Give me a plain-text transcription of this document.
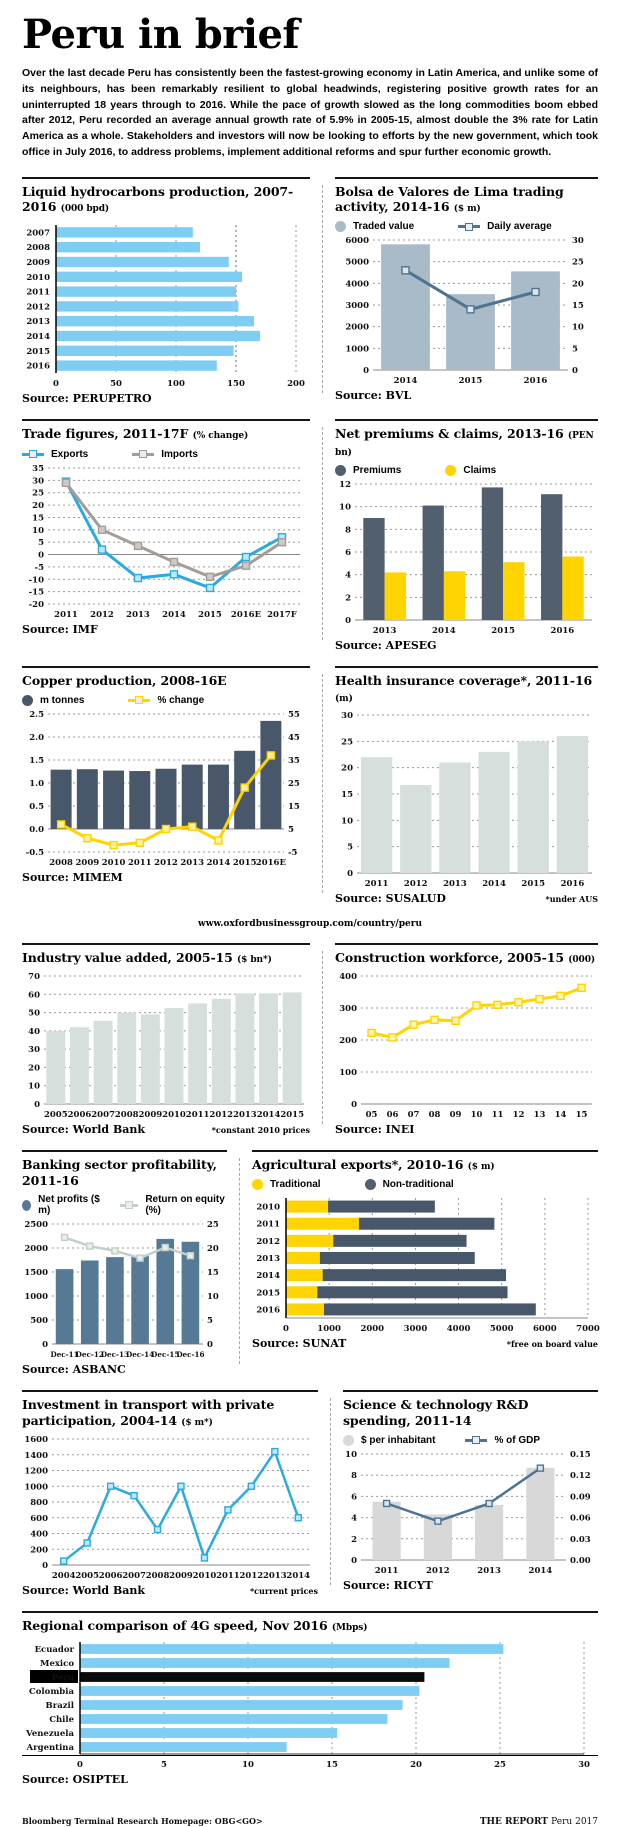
Peru in brief

Over the last decade Peru has consistently been the fastest-growing economy in Latin America, and unlike some of its neighbours, has been remarkably resilient to global headwinds, registering positive growth rates for an uninterrupted 18 years through to 2016. While the pace of growth slowed as the long commodities boom ebbed after 2012, Peru recorded an average annual growth rate of 5.9% in 2005-15, almost double the 3% rate for Latin America as a whole. Stakeholders and investors will now be looking to efforts by the new government, which took office in July 2016, to address problems, implement additional reforms and spur further economic growth.

Liquid hydrocarbons production, 2007-2016 (000 bpd)
0	50	100	150	200
2007
2008
2009
2010
2011
2012
2013
2014
2015
2016
Source: PERUPETRO
Bolsa de Valores de Lima trading activity, 2014-16 ($ m)
Traded value	Daily average
0
1000
2000
3000
4000
5000
6000
0
5
10
15
20
25
30
2014	2015	2016
Source: BVL
Trade figures, 2011-17F (% change)
Exports	Imports
-20
-15
-10
-5
0
5
10
15
20
25
30
35
2011 2012 2013 2014 2015 2016E 2017F
Source: IMF
Net premiums & claims, 2013-16 (PEN bn)
Premiums	Claims
0
2
4
6
8
10
12
2013	2014	2015	2016
Source: APESEG
Copper production, 2008-16E
m tonnes	% change
-0.5
0.0
0.5
1.0
1.5
2.0
2.5
-5
5
15
25
35
45
55
2008 2009 2010 2011 2012 2013 2014 2015 2016E
Source: MIMEM
Health insurance coverage*, 2011-16 (m)
0
5
10
15
20
25
30
2011 2012 2013 2014 2015 2016
Source: SUSALUD	*under AUS
www.oxfordbusinessgroup.com/country/peru
Industry value added, 2005-15 ($ bn*)
0
10
20
30
40
50
60
70
2005 2006 2007 2008 2009 2010 2011 2012 2013 2014 2015
Source: World Bank	*constant 2010 prices
Construction workforce, 2005-15 (000)
0
100
200
300
400
05 06 07 08 09 10 11 12 13 14 15
Source: INEI
Banking sector profitability, 2011-16
Net profits ($ m)
Return on equity (%)
0
500
1000
1500
2000
2500
0
5
10
15
20
25
Dec-11
Dec-12
Dec-13
Dec-14
Dec-15
Dec-16
Source: ASBANC
Agricultural exports*, 2010-16 ($ m)
Traditional	Non-traditional
0	1000 2000 3000 4000 5000 6000 7000
2010
2011
2012
2013
2014
2015
2016
Source: SUNAT	*free on board value
Investment in transport with private participation, 2004-14 ($ m*)
0
200
400
600
800
1000
1200
1400
1600
2004 2005 2006 2007 2008 2009 2010 2011 2012 2013 2014
Source: World Bank	*current prices
Science & technology R&D spending, 2011-14
$ per inhabitant	% of GDP
0
2
4
6
8
10
0.00
0.03
0.06
0.09
0.12
0.15
2011	2012	2013	2014
Source: RICYT
Regional comparison of 4G speed, Nov 2016 (Mbps)
0	5	10	15	20	25	30
Ecuador
Mexico
Peru
Colombia
Brazil
Chile
Venezuela
Argentina
Source: OSIPTEL
Bloomberg Terminal Research Homepage: OBG<GO>	THE REPORT Peru 2017
